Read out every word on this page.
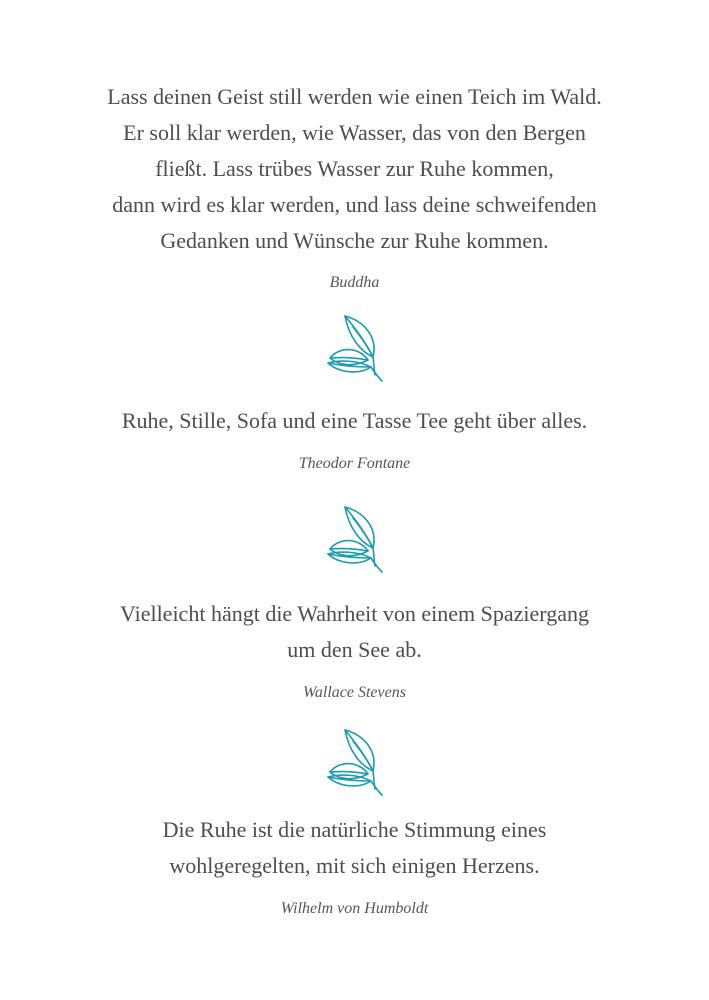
Lass deinen Geist still werden wie einen Teich im Wald.
Er soll klar werden, wie Wasser, das von den Bergen
fließt. Lass trübes Wasser zur Ruhe kommen,
dann wird es klar werden, und lass deine schweifenden
Gedanken und Wünsche zur Ruhe kommen.
Buddha
Ruhe, Stille, Sofa und eine Tasse Tee geht über alles.
Theodor Fontane
Vielleicht hängt die Wahrheit von einem Spaziergang
um den See ab.
Wallace Stevens
Die Ruhe ist die natürliche Stimmung eines
wohlgeregelten, mit sich einigen Herzens.
Wilhelm von Humboldt
